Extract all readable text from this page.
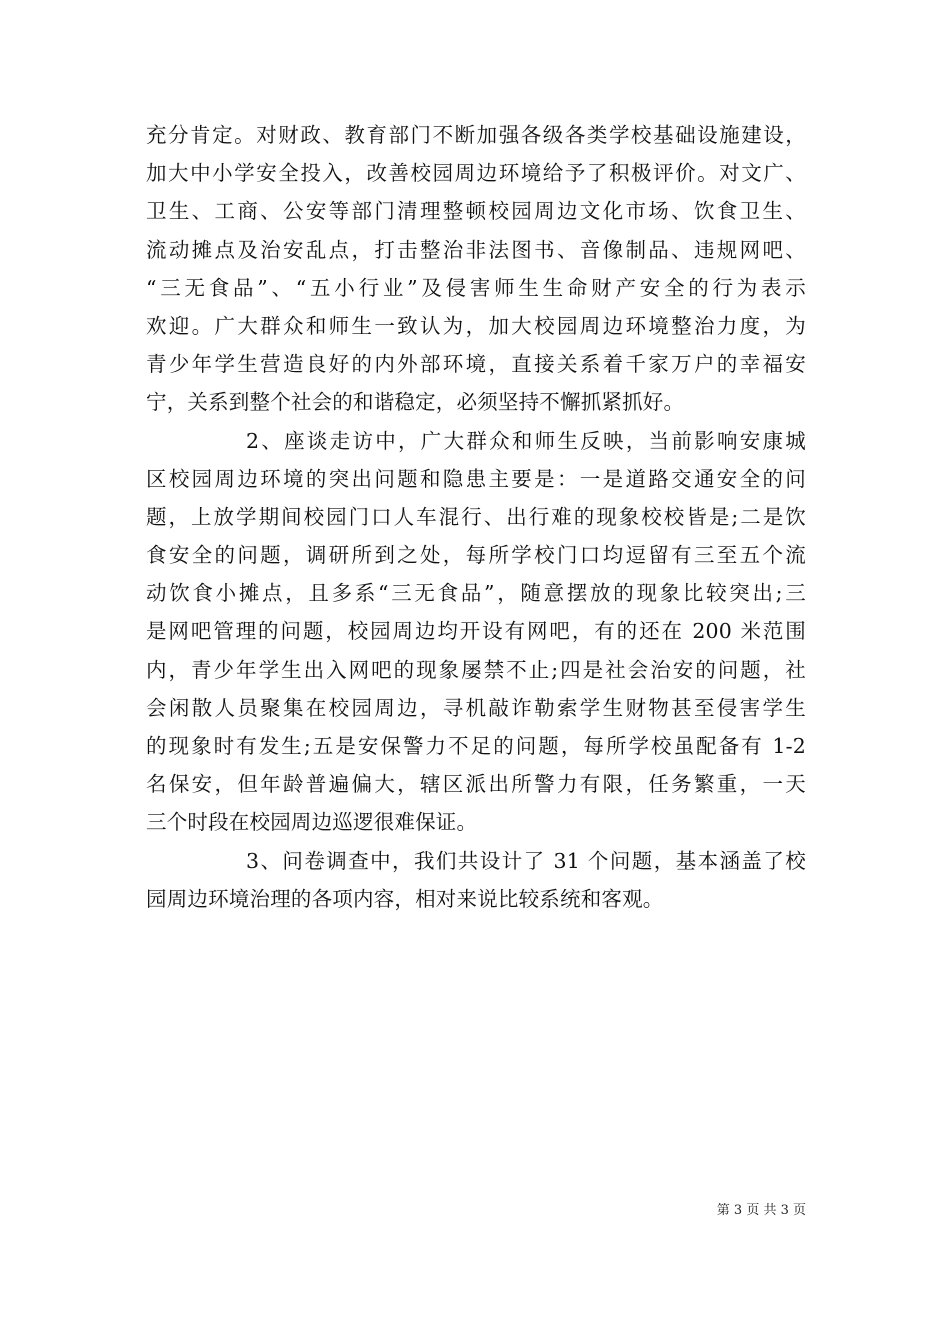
充分肯定。对财政、教育部门不断加强各级各类学校基础设施建设，
加大中小学安全投入，改善校园周边环境给予了积极评价。对文广、
卫生、工商、公安等部门清理整顿校园周边文化市场、饮食卫生、
流动摊点及治安乱点，打击整治非法图书、音像制品、违规网吧、
“三无食品”、“五小行业”及侵害师生生命财产安全的行为表示
欢迎。广大群众和师生一致认为，加大校园周边环境整治力度，为
青少年学生营造良好的内外部环境，直接关系着千家万户的幸福安
宁，关系到整个社会的和谐稳定，必须坚持不懈抓紧抓好。
2、座谈走访中，广大群众和师生反映，当前影响安康城
区校园周边环境的突出问题和隐患主要是：一是道路交通安全的问
题，上放学期间校园门口人车混行、出行难的现象校校皆是;二是饮
食安全的问题，调研所到之处，每所学校门口均逗留有三至五个流
动饮食小摊点，且多系“三无食品”，随意摆放的现象比较突出;三
是网吧管理的问题，校园周边均开设有网吧，有的还在 200 米范围
内，青少年学生出入网吧的现象屡禁不止;四是社会治安的问题，社
会闲散人员聚集在校园周边，寻机敲诈勒索学生财物甚至侵害学生
的现象时有发生;五是安保警力不足的问题，每所学校虽配备有 1-2
名保安，但年龄普遍偏大，辖区派出所警力有限，任务繁重，一天
三个时段在校园周边巡逻很难保证。
3、问卷调查中，我们共设计了 31 个问题，基本涵盖了校
园周边环境治理的各项内容，相对来说比较系统和客观。
第 3 页 共 3 页
